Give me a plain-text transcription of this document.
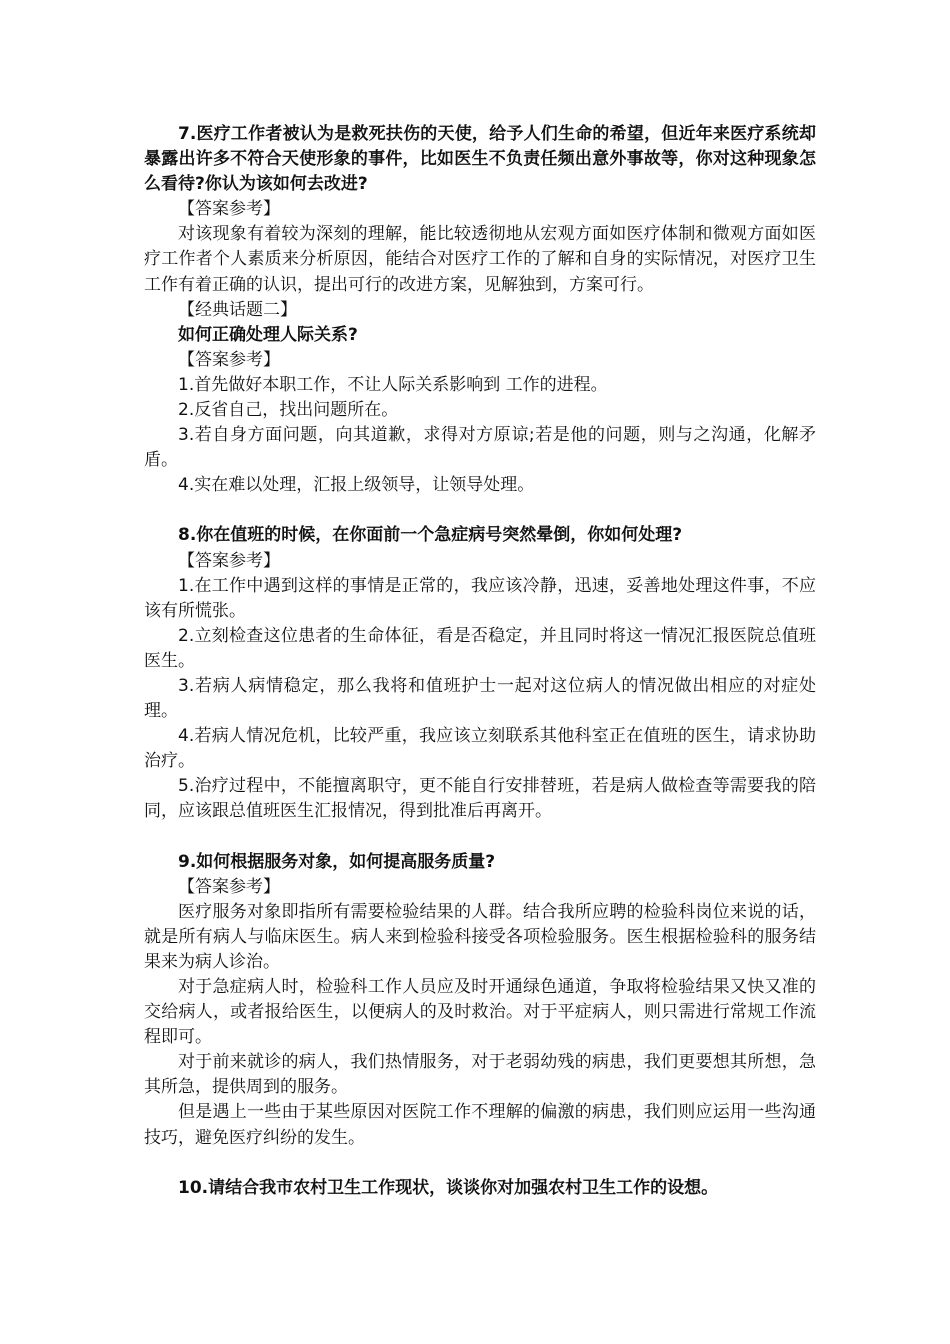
7.医疗工作者被认为是救死扶伤的天使，给予人们生命的希望，但近年来医疗系统却暴露出许多不符合天使形象的事件，比如医生不负责任频出意外事故等，你对这种现象怎么看待?你认为该如何去改进?

【答案参考】

对该现象有着较为深刻的理解，能比较透彻地从宏观方面如医疗体制和微观方面如医疗工作者个人素质来分析原因，能结合对医疗工作的了解和自身的实际情况，对医疗卫生工作有着正确的认识，提出可行的改进方案，见解独到，方案可行。

【经典话题二】

如何正确处理人际关系?

【答案参考】

1.首先做好本职工作，不让人际关系影响到 工作的进程。

2.反省自己，找出问题所在。

3.若自身方面问题，向其道歉，求得对方原谅;若是他的问题，则与之沟通，化解矛盾。

4.实在难以处理，汇报上级领导，让领导处理。

8.你在值班的时候，在你面前一个急症病号突然晕倒，你如何处理?

【答案参考】

1.在工作中遇到这样的事情是正常的，我应该冷静，迅速，妥善地处理这件事，不应该有所慌张。

2.立刻检查这位患者的生命体征，看是否稳定，并且同时将这一情况汇报医院总值班医生。

3.若病人病情稳定，那么我将和值班护士一起对这位病人的情况做出相应的对症处理。

4.若病人情况危机，比较严重，我应该立刻联系其他科室正在值班的医生，请求协助治疗。

5.治疗过程中，不能擅离职守，更不能自行安排替班，若是病人做检查等需要我的陪同，应该跟总值班医生汇报情况，得到批准后再离开。

9.如何根据服务对象，如何提高服务质量?

【答案参考】

医疗服务对象即指所有需要检验结果的人群。结合我所应聘的检验科岗位来说的话，就是所有病人与临床医生。病人来到检验科接受各项检验服务。医生根据检验科的服务结果来为病人诊治。

对于急症病人时，检验科工作人员应及时开通绿色通道，争取将检验结果又快又准的交给病人，或者报给医生，以便病人的及时救治。对于平症病人，则只需进行常规工作流程即可。

对于前来就诊的病人，我们热情服务，对于老弱幼残的病患，我们更要想其所想，急其所急，提供周到的服务。

但是遇上一些由于某些原因对医院工作不理解的偏激的病患，我们则应运用一些沟通技巧，避免医疗纠纷的发生。

10.请结合我市农村卫生工作现状，谈谈你对加强农村卫生工作的设想。
